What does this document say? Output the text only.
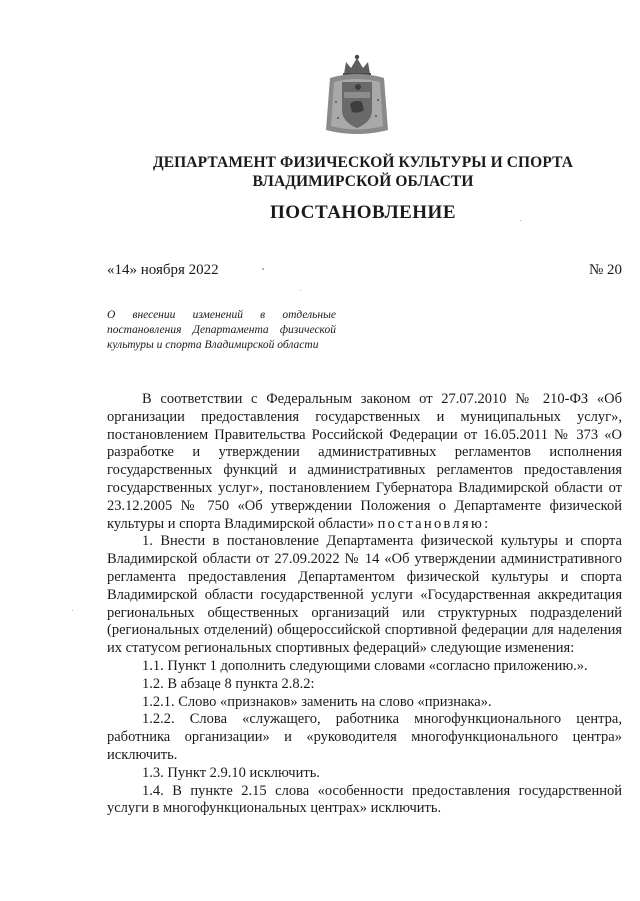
ДЕПАРТАМЕНТ ФИЗИЧЕСКОЙ КУЛЬТУРЫ И СПОРТА
ВЛАДИМИРСКОЙ ОБЛАСТИ
ПОСТАНОВЛЕНИЕ
«14» ноября 2022	№ 20
О внесении изменений в отдельные постановления Департамента физической культуры и спорта Владимирской области

В соответствии с Федеральным законом от 27.07.2010 № 210-ФЗ «Об организации предоставления государственных и муниципальных услуг», постановлением Правительства Российской Федерации от 16.05.2011 № 373 «О разработке и утверждении административных регламентов исполнения государственных функций и административных регламентов предоставления государственных услуг», постановлением Губернатора Владимирской области от 23.12.2005 № 750 «Об утверждении Положения о Департаменте физической культуры и спорта Владимирской области» постановляю:

1. Внести в постановление Департамента физической культуры и спорта Владимирской области от 27.09.2022 № 14 «Об утверждении административного регламента предоставления Департаментом физической культуры и спорта Владимирской области государственной услуги «Государственная аккредитация региональных общественных организаций или структурных подразделений (региональных отделений) общероссийской спортивной федерации для наделения их статусом региональных спортивных федераций» следующие изменения:

1.1. Пункт 1 дополнить следующими словами «согласно приложению.».

1.2. В абзаце 8 пункта 2.8.2:

1.2.1. Слово «признаков» заменить на слово «признака».

1.2.2. Слова «служащего, работника многофункционального центра, работника организации» и «руководителя многофункционального центра» исключить.

1.3. Пункт 2.9.10 исключить.

1.4. В пункте 2.15 слова «особенности предоставления государственной услуги в многофункциональных центрах» исключить.
